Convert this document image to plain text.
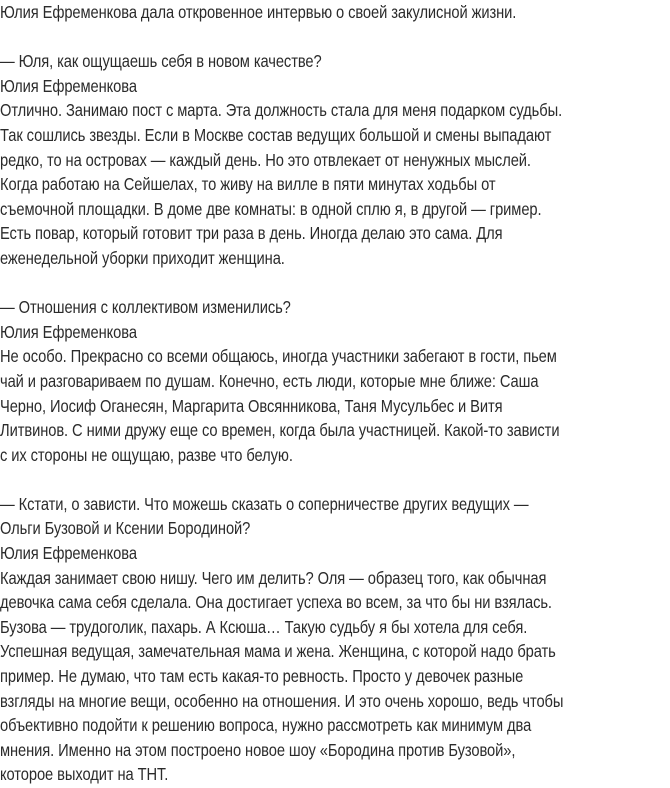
Юлия Ефременкова дала откровенное интервью о своей закулисной жизни.
— Юля, как ощущаешь себя в новом качестве?
Юлия Ефременкова
Отлично. Занимаю пост с марта. Эта должность стала для меня подарком судьбы.
Так сошлись звезды. Если в Москве состав ведущих большой и смены выпадают
редко, то на островах — каждый день. Но это отвлекает от ненужных мыслей.
Когда работаю на Сейшелах, то живу на вилле в пяти минутах ходьбы от
съемочной площадки. В доме две комнаты: в одной сплю я, в другой — гример.
Есть повар, который готовит три раза в день. Иногда делаю это сама. Для
еженедельной уборки приходит женщина.
— Отношения с коллективом изменились?
Юлия Ефременкова
Не особо. Прекрасно со всеми общаюсь, иногда участники забегают в гости, пьем
чай и разговариваем по душам. Конечно, есть люди, которые мне ближе: Саша
Черно, Иосиф Оганесян, Маргарита Овсянникова, Таня Мусульбес и Витя
Литвинов. С ними дружу еще со времен, когда была участницей. Какой-то зависти
с их стороны не ощущаю, разве что белую.
— Кстати, о зависти. Что можешь сказать о соперничестве других ведущих —
Ольги Бузовой и Ксении Бородиной?
Юлия Ефременкова
Каждая занимает свою нишу. Чего им делить? Оля — образец того, как обычная
девочка сама себя сделала. Она достигает успеха во всем, за что бы ни взялась.
Бузова — трудоголик, пахарь. А Ксюша… Такую судьбу я бы хотела для себя.
Успешная ведущая, замечательная мама и жена. Женщина, с которой надо брать
пример. Не думаю, что там есть какая-то ревность. Просто у девочек разные
взгляды на многие вещи, особенно на отношения. И это очень хорошо, ведь чтобы
объективно подойти к решению вопроса, нужно рассмотреть как минимум два
мнения. Именно на этом построено новое шоу «Бородина против Бузовой»,
которое выходит на ТНТ.
